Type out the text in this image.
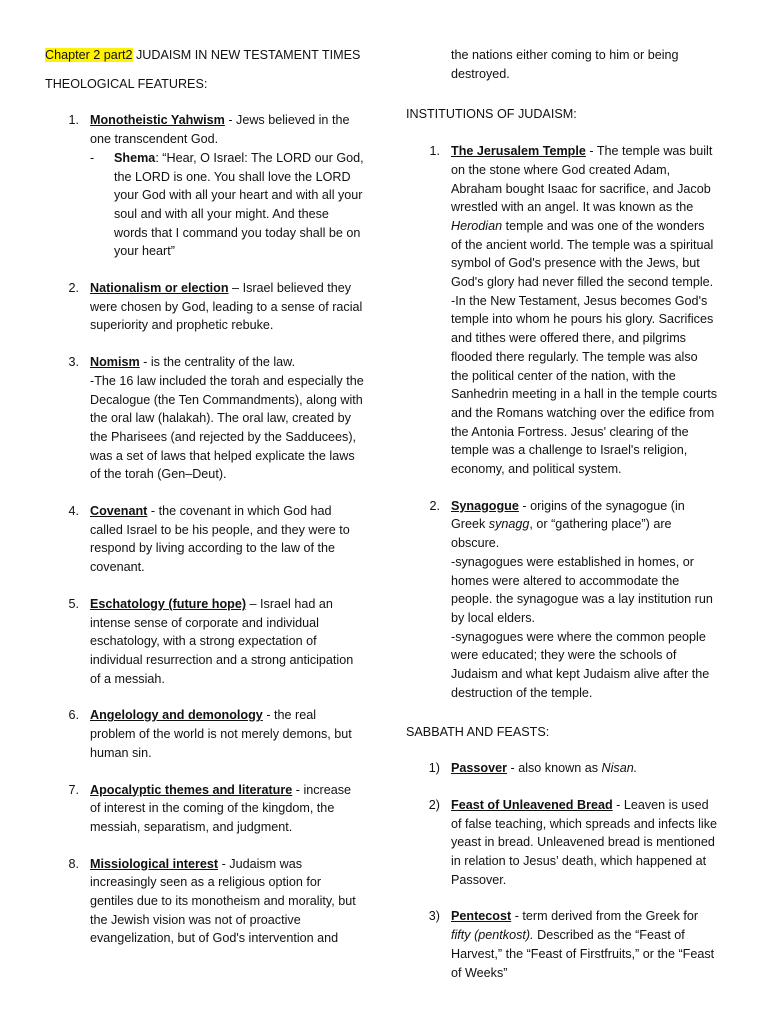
Chapter 2 part2 JUDAISM IN NEW TESTAMENT TIMES

THEOLOGICAL FEATURES:

1. Monotheistic Yahwism - Jews believed in the one transcendent God.
-	Shema: “Hear, O Israel: The LORD our God, the LORD is one. You shall love the LORD your God with all your heart and with all your soul and with all your might. And these words that I command you today shall be on your heart”
2. Nationalism or election – Israel believed they were chosen by God, leading to a sense of racial superiority and prophetic rebuke.
3. Nomism - is the centrality of the law.
-The 16 law included the torah and especially the Decalogue (the Ten Commandments), along with the oral law (halakah). The oral law, created by the Pharisees (and rejected by the Sadducees), was a set of laws that helped explicate the laws of the torah (Gen–Deut).
4. Covenant - the covenant in which God had called Israel to be his people, and they were to respond by living according to the law of the covenant.
5. Eschatology (future hope) – Israel had an intense sense of corporate and individual eschatology, with a strong expectation of individual resurrection and a strong anticipation of a messiah.
6. Angelology and demonology - the real problem of the world is not merely demons, but human sin.
7. Apocalyptic themes and literature - increase of interest in the coming of the kingdom, the messiah, separatism, and judgment.
8. Missiological interest - Judaism was increasingly seen as a religious option for gentiles due to its monotheism and morality, but the Jewish vision was not of proactive evangelization, but of God's intervention and
the nations either coming to him or being destroyed.

INSTITUTIONS OF JUDAISM:

1. The Jerusalem Temple - The temple was built on the stone where God created Adam, Abraham bought Isaac for sacrifice, and Jacob wrestled with an angel. It was known as the Herodian temple and was one of the wonders of the ancient world. The temple was a spiritual symbol of God's presence with the Jews, but God's glory had never filled the second temple.
-In the New Testament, Jesus becomes God's temple into whom he pours his glory. Sacrifices and tithes were offered there, and pilgrims flooded there regularly. The temple was also the political center of the nation, with the Sanhedrin meeting in a hall in the temple courts and the Romans watching over the edifice from the Antonia Fortress. Jesus' clearing of the temple was a challenge to Israel's religion, economy, and political system.
2. Synagogue - origins of the synagogue (in Greek synagg, or “gathering place”) are obscure.
-synagogues were established in homes, or homes were altered to accommodate the people. the synagogue was a lay institution run by local elders.
-synagogues were where the common people were educated; they were the schools of Judaism and what kept Judaism alive after the destruction of the temple.

SABBATH AND FEASTS:

1) Passover - also known as Nisan.
2) Feast of Unleavened Bread - Leaven is used of false teaching, which spreads and infects like yeast in bread. Unleavened bread is mentioned in relation to Jesus’ death, which happened at Passover.
3) Pentecost - term derived from the Greek for fifty (pentkost). Described as the “Feast of Harvest,” the “Feast of Firstfruits,” or the “Feast of Weeks”
